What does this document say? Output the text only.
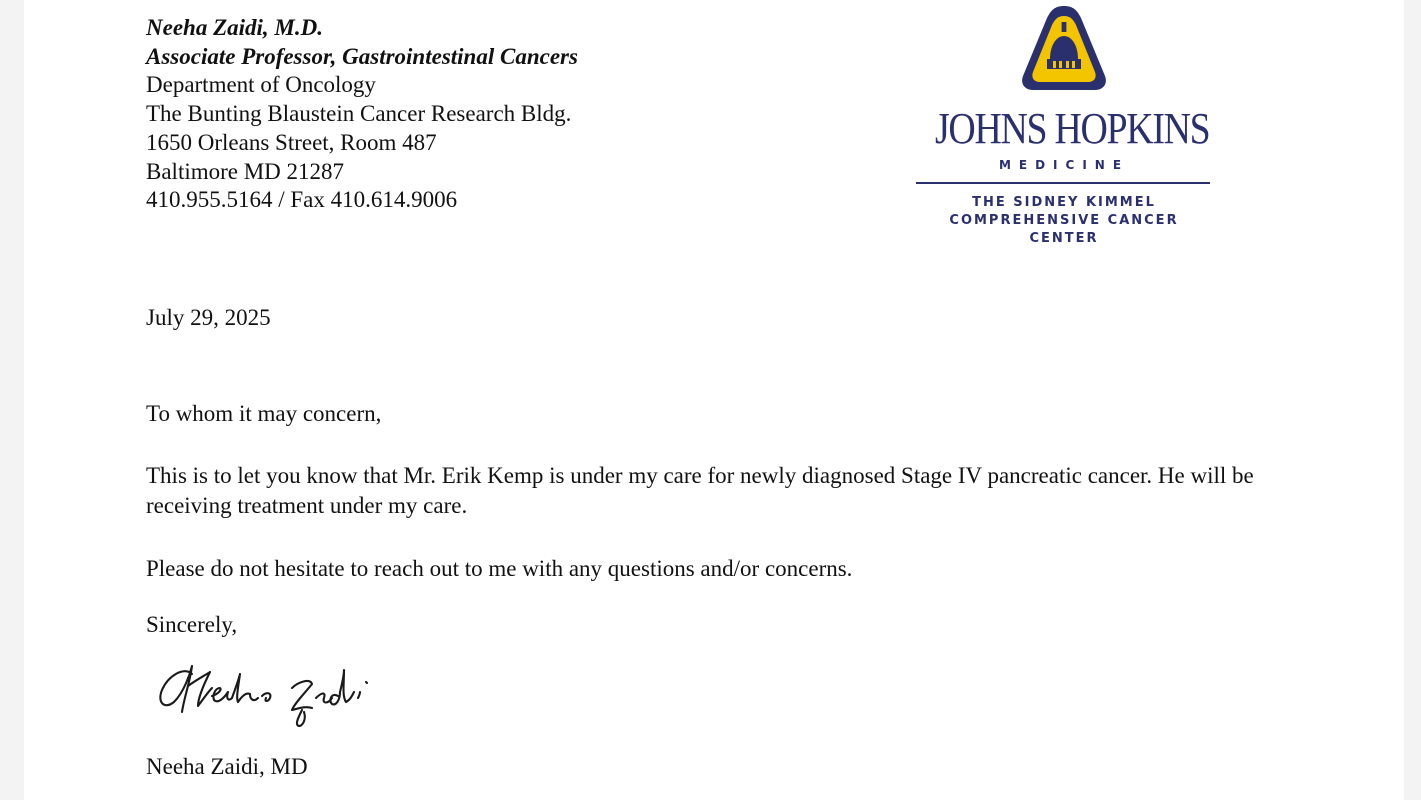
Neeha Zaidi, M.D.
Associate Professor, Gastrointestinal Cancers
Department of Oncology
The Bunting Blaustein Cancer Research Bldg.
1650 Orleans Street, Room 487
Baltimore MD 21287
410.955.5164 / Fax 410.614.9006
JOHNS HOPKINS
MEDICINE
THE SIDNEY KIMMEL
COMPREHENSIVE CANCER
CENTER
July 29, 2025
To whom it may concern,
This is to let you know that Mr. Erik Kemp is under my care for newly diagnosed Stage IV pancreatic cancer. He will be receiving treatment under my care.
Please do not hesitate to reach out to me with any questions and/or concerns.
Sincerely,
Neeha Zaidi, MD
